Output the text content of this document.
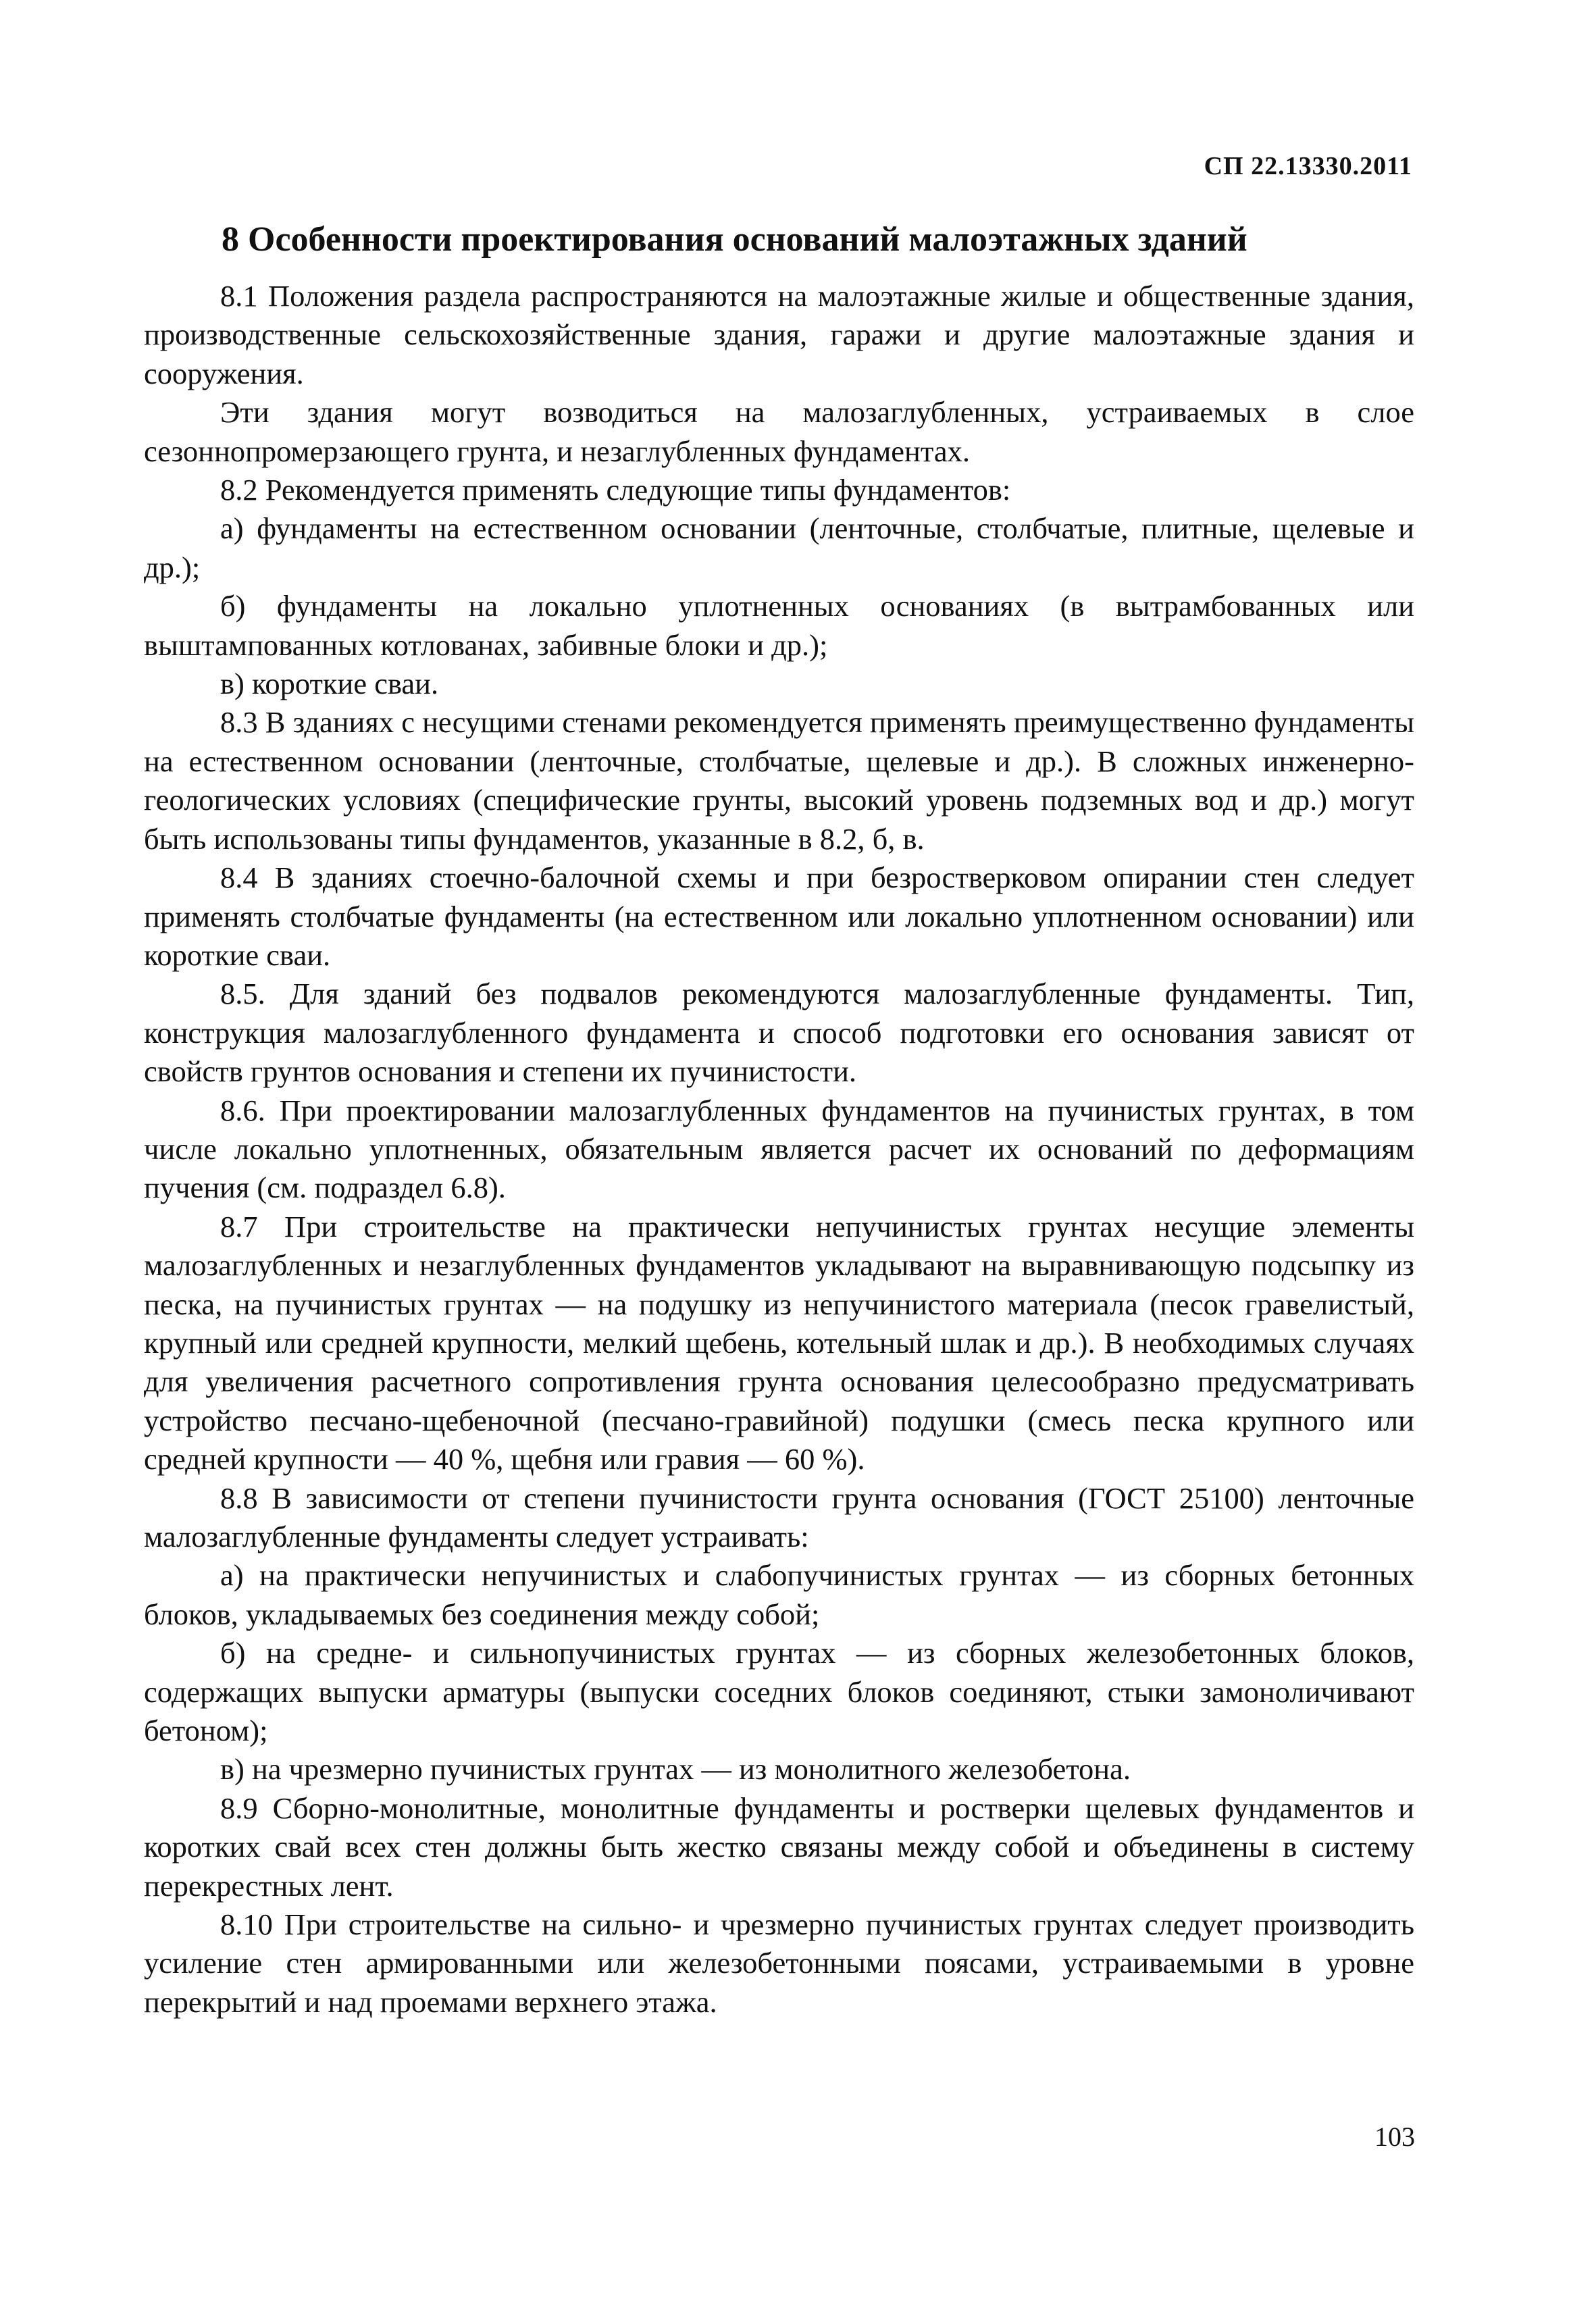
СП 22.13330.2011
8 Особенности проектирования оснований малоэтажных зданий

8.1 Положения раздела распространяются на малоэтажные жилые и общественные здания, производственные сельскохозяйственные здания, гаражи и другие малоэтажные здания и сооружения.

Эти здания могут возводиться на малозаглубленных, устраиваемых в слое сезоннопромерзающего грунта, и незаглубленных фундаментах.

8.2 Рекомендуется применять следующие типы фундаментов:

а) фундаменты на естественном основании (ленточные, столбчатые, плитные, щелевые и др.);

б) фундаменты на локально уплотненных основаниях (в вытрамбованных или выштампованных котлованах, забивные блоки и др.);

в) короткие сваи.

8.3 В зданиях с несущими стенами рекомендуется применять преимущественно фундаменты на естественном основании (ленточные, столбчатые, щелевые и др.). В сложных инженерно-геологических условиях (специфические грунты, высокий уровень подземных вод и др.) могут быть использованы типы фундаментов, указанные в 8.2, б, в.

8.4 В зданиях стоечно-балочной схемы и при безростверковом опирании стен следует применять столбчатые фундаменты (на естественном или локально уплотненном основании) или короткие сваи.

8.5. Для зданий без подвалов рекомендуются малозаглубленные фундаменты. Тип, конструкция малозаглубленного фундамента и способ подготовки его основания зависят от свойств грунтов основания и степени их пучинистости.

8.6. При проектировании малозаглубленных фундаментов на пучинистых грунтах, в том числе локально уплотненных, обязательным является расчет их оснований по деформациям пучения (см. подраздел 6.8).

8.7 При строительстве на практически непучинистых грунтах несущие элементы малозаглубленных и незаглубленных фундаментов укладывают на выравнивающую подсыпку из песка, на пучинистых грунтах — на подушку из непучинистого материала (песок гравелистый, крупный или средней крупности, мелкий щебень, котельный шлак и др.). В необходимых случаях для увеличения расчетного сопротивления грунта основания целесообразно предусматривать устройство песчано-щебеночной (песчано-гравийной) подушки (смесь песка крупного или средней крупности — 40 %, щебня или гравия — 60 %).

8.8 В зависимости от степени пучинистости грунта основания (ГОСТ 25100) ленточные малозаглубленные фундаменты следует устраивать:

а) на практически непучинистых и слабопучинистых грунтах — из сборных бетонных блоков, укладываемых без соединения между собой;

б) на средне- и сильнопучинистых грунтах — из сборных железобетонных блоков, содержащих выпуски арматуры (выпуски соседних блоков соединяют, стыки замоноличивают бетоном);

в) на чрезмерно пучинистых грунтах — из монолитного железобетона.

8.9 Сборно-монолитные, монолитные фундаменты и ростверки щелевых фундаментов и коротких свай всех стен должны быть жестко связаны между собой и объединены в систему перекрестных лент.

8.10 При строительстве на сильно- и чрезмерно пучинистых грунтах следует производить усиление стен армированными или железобетонными поясами, устраиваемыми в уровне перекрытий и над проемами верхнего этажа.

103
